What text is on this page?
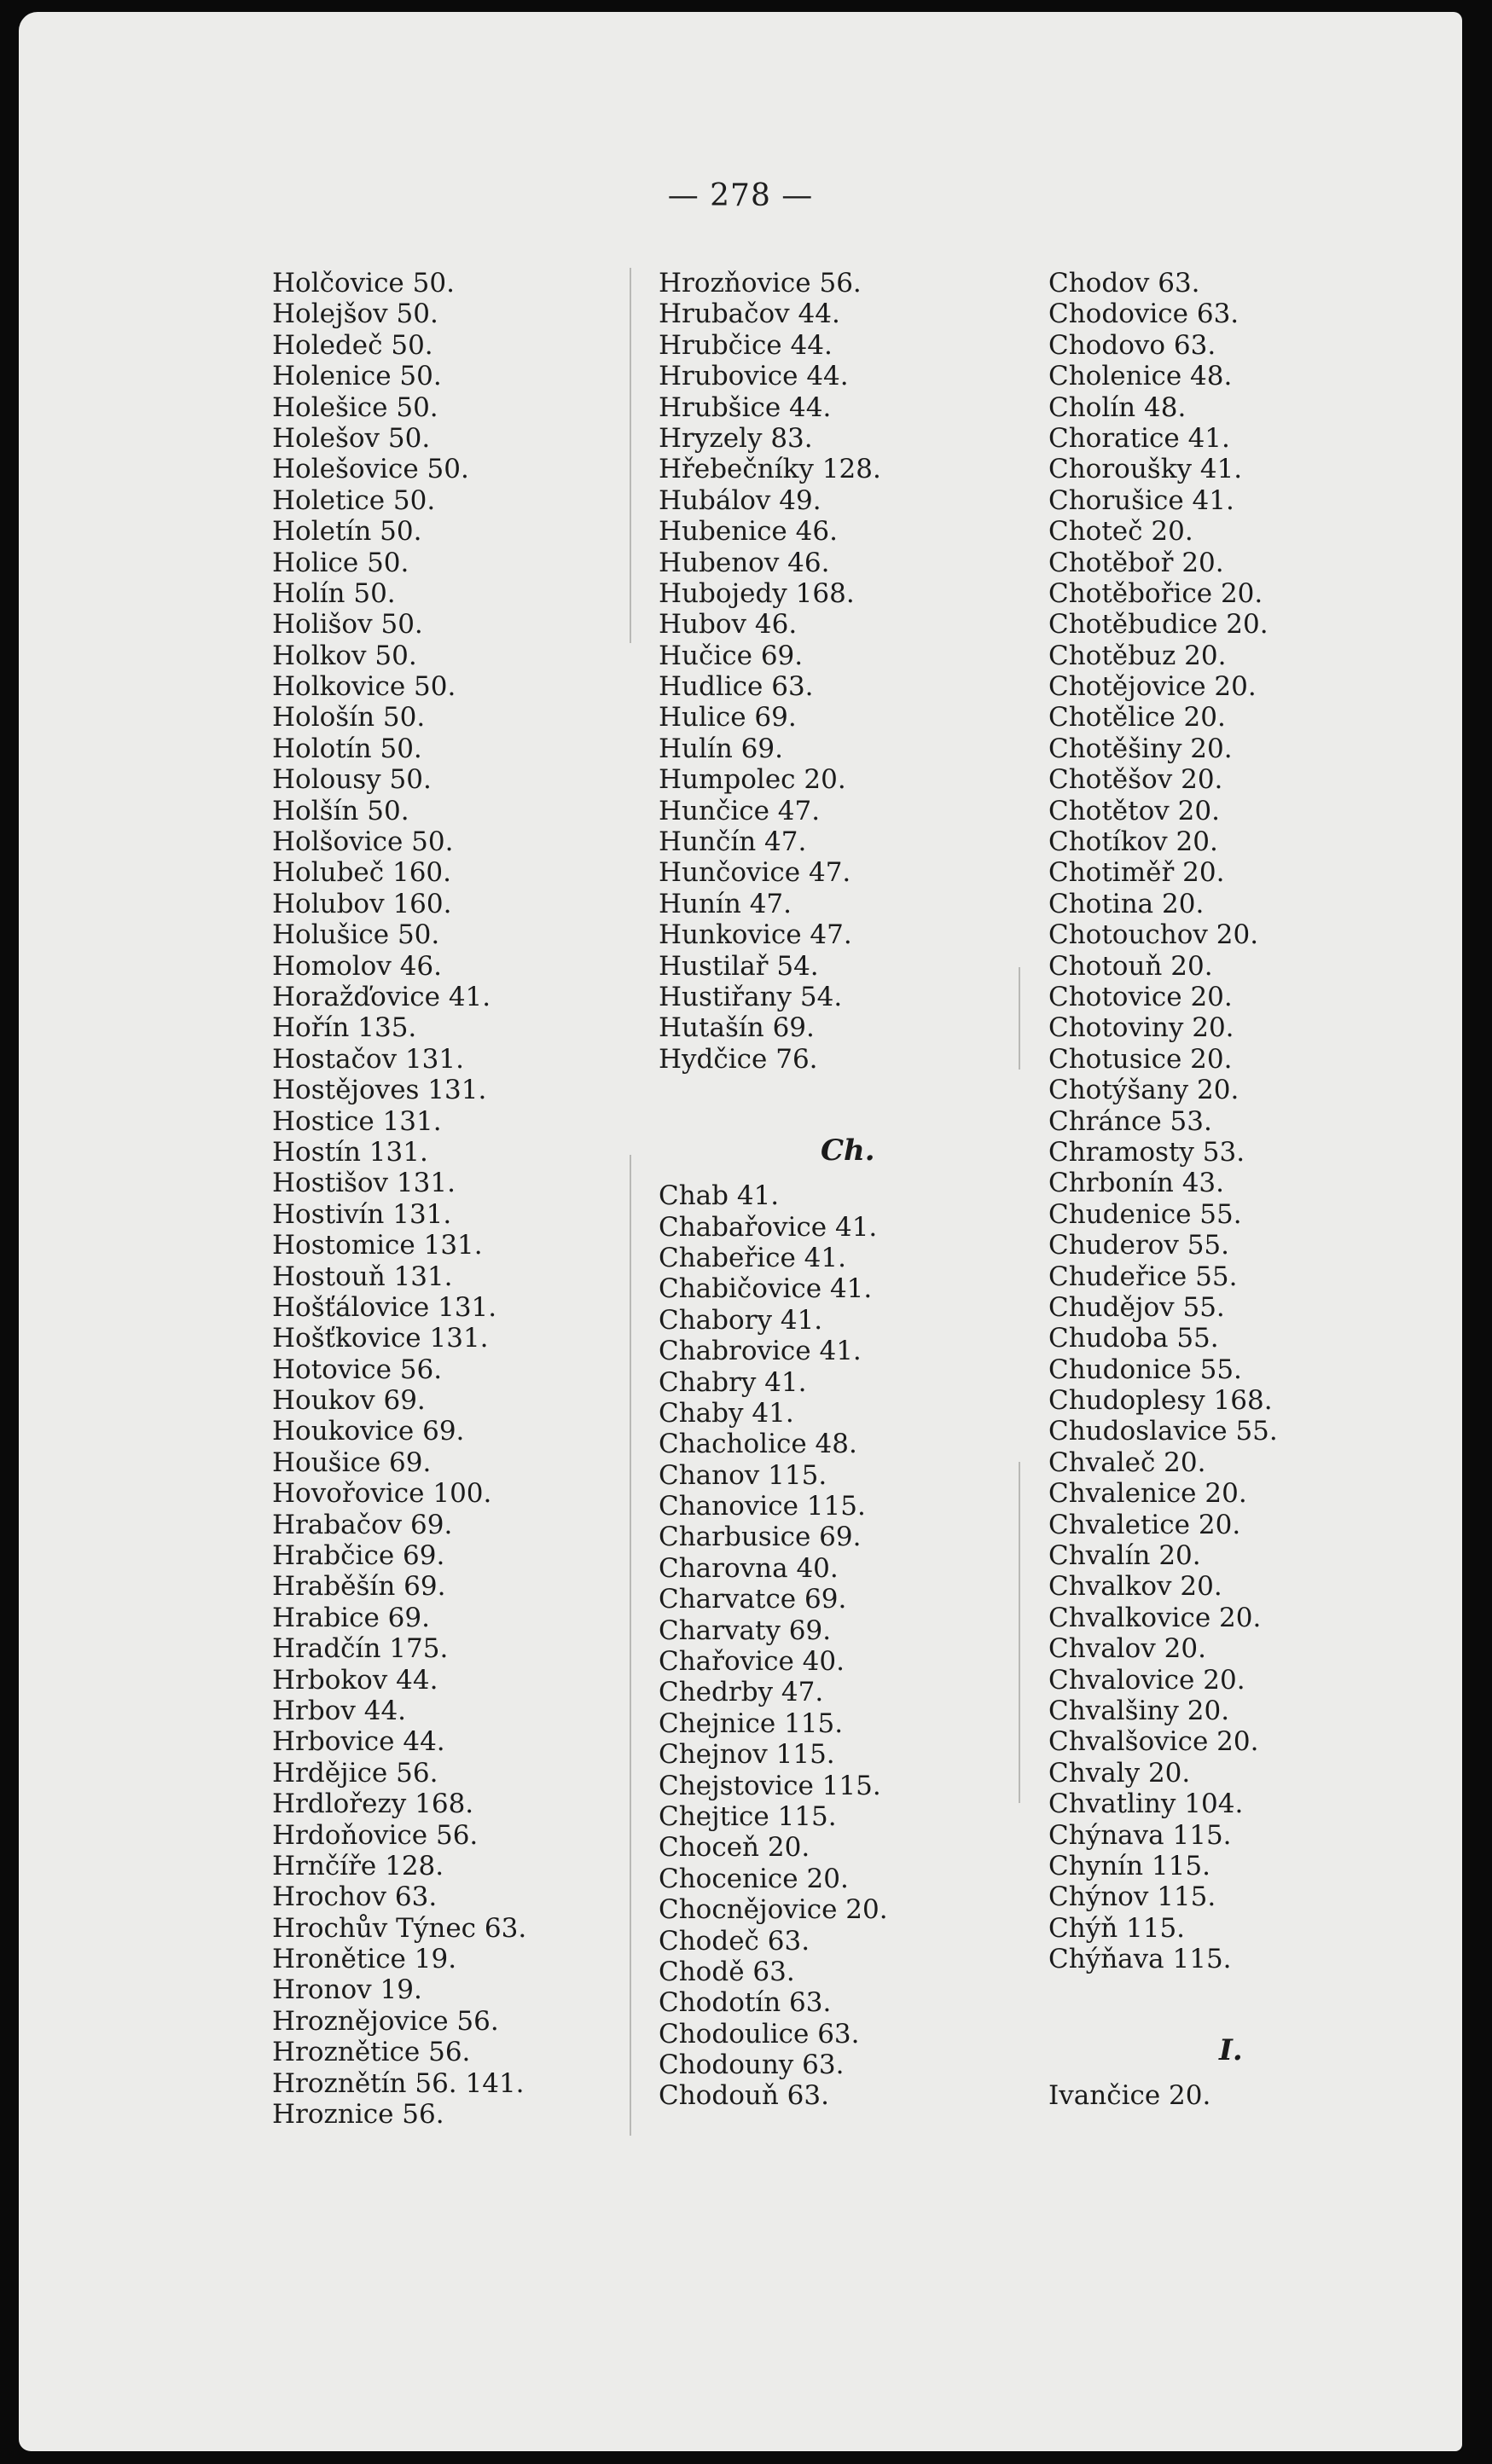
— 278 —
Holčovice 50.
Holejšov 50.
Holedeč 50.
Holenice 50.
Holešice 50.
Holešov 50.
Holešovice 50.
Holetice 50.
Holetín 50.
Holice 50.
Holín 50.
Holišov 50.
Holkov 50.
Holkovice 50.
Hološín 50.
Holotín 50.
Holousy 50.
Holšín 50.
Holšovice 50.
Holubeč 160.
Holubov 160.
Holušice 50.
Homolov 46.
Horažďovice 41.
Hořín 135.
Hostačov 131.
Hostějoves 131.
Hostice 131.
Hostín 131.
Hostišov 131.
Hostivín 131.
Hostomice 131.
Hostouň 131.
Hošťálovice 131.
Hošťkovice 131.
Hotovice 56.
Houkov 69.
Houkovice 69.
Houšice 69.
Hovořovice 100.
Hrabačov 69.
Hrabčice 69.
Hraběšín 69.
Hrabice 69.
Hradčín 175.
Hrbokov 44.
Hrbov 44.
Hrbovice 44.
Hrdějice 56.
Hrdlořezy 168.
Hrdoňovice 56.
Hrnčíře 128.
Hrochov 63.
Hrochův Týnec 63.
Hronětice 19.
Hronov 19.
Hroznějovice 56.
Hroznětice 56.
Hroznětín 56. 141.
Hroznice 56.
Hrozňovice 56.
Hrubačov 44.
Hrubčice 44.
Hrubovice 44.
Hrubšice 44.
Hryzely 83.
Hřebečníky 128.
Hubálov 49.
Hubenice 46.
Hubenov 46.
Hubojedy 168.
Hubov 46.
Hučice 69.
Hudlice 63.
Hulice 69.
Hulín 69.
Humpolec 20.
Hunčice 47.
Hunčín 47.
Hunčovice 47.
Hunín 47.
Hunkovice 47.
Hustilař 54.
Hustiřany 54.
Hutašín 69.
Hydčice 76.
Ch.
Chab 41.
Chabařovice 41.
Chabeřice 41.
Chabičovice 41.
Chabory 41.
Chabrovice 41.
Chabry 41.
Chaby 41.
Chacholice 48.
Chanov 115.
Chanovice 115.
Charbusice 69.
Charovna 40.
Charvatce 69.
Charvaty 69.
Chařovice 40.
Chedrby 47.
Chejnice 115.
Chejnov 115.
Chejstovice 115.
Chejtice 115.
Choceň 20.
Chocenice 20.
Chocnějovice 20.
Chodeč 63.
Chodě 63.
Chodotín 63.
Chodoulice 63.
Chodouny 63.
Chodouň 63.
Chodov 63.
Chodovice 63.
Chodovo 63.
Cholenice 48.
Cholín 48.
Choratice 41.
Choroušky 41.
Chorušice 41.
Choteč 20.
Chotěboř 20.
Chotěbořice 20.
Chotěbudice 20.
Chotěbuz 20.
Chotějovice 20.
Chotělice 20.
Chotěšiny 20.
Chotěšov 20.
Chotětov 20.
Chotíkov 20.
Chotiměř 20.
Chotina 20.
Chotouchov 20.
Chotouň 20.
Chotovice 20.
Chotoviny 20.
Chotusice 20.
Chotýšany 20.
Chránce 53.
Chramosty 53.
Chrbonín 43.
Chudenice 55.
Chuderov 55.
Chudeřice 55.
Chudějov 55.
Chudoba 55.
Chudonice 55.
Chudoplesy 168.
Chudoslavice 55.
Chvaleč 20.
Chvalenice 20.
Chvaletice 20.
Chvalín 20.
Chvalkov 20.
Chvalkovice 20.
Chvalov 20.
Chvalovice 20.
Chvalšiny 20.
Chvalšovice 20.
Chvaly 20.
Chvatliny 104.
Chýnava 115.
Chynín 115.
Chýnov 115.
Chýň 115.
Chýňava 115.
I.
Ivančice 20.
